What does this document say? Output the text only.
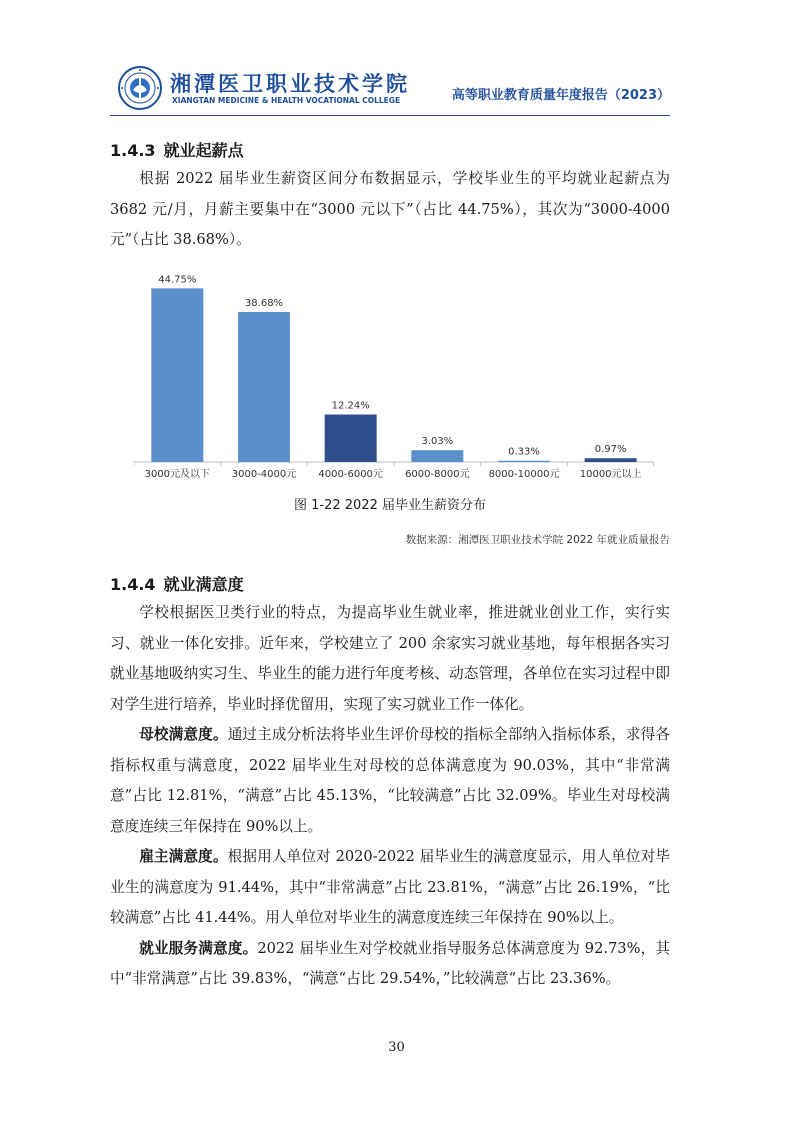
湘潭医卫职业技术学院
XIANGTAN MEDICINE & HEALTH VOCATIONAL COLLEGE	高等职业教育质量年度报告（2023）
1.4.3 就业起薪点

根据 2022 届毕业生薪资区间分布数据显示，学校毕业生的平均就业起薪点为 3682 元/月，月薪主要集中在“3000 元以下”（占比 44.75%），其次为“3000-4000 元”（占比 38.68%）。

44.75%
3000元及以下
38.68%
3000-4000元
12.24%
4000-6000元
3.03%
6000-8000元
0.33%
8000-10000元
0.97%
10000元以上
图 1-22 2022 届毕业生薪资分布
数据来源：湘潭医卫职业技术学院 2022 年就业质量报告
1.4.4 就业满意度

学校根据医卫类行业的特点，为提高毕业生就业率，推进就业创业工作，实行实习、就业一体化安排。近年来，学校建立了 200 余家实习就业基地，每年根据各实习就业基地吸纳实习生、毕业生的能力进行年度考核、动态管理，各单位在实习过程中即对学生进行培养，毕业时择优留用，实现了实习就业工作一体化。

母校满意度。通过主成分析法将毕业生评价母校的指标全部纳入指标体系，求得各指标权重与满意度，2022 届毕业生对母校的总体满意度为 90.03%，其中“非常满意”占比 12.81%，“满意”占比 45.13%，“比较满意”占比 32.09%。毕业生对母校满意度连续三年保持在 90%以上。

雇主满意度。根据用人单位对 2020-2022 届毕业生的满意度显示，用人单位对毕业生的满意度为 91.44%，其中“非常满意”占比 23.81%，“满意”占比 26.19%，“比较满意”占比 41.44%。用人单位对毕业生的满意度连续三年保持在 90%以上。

就业服务满意度。2022 届毕业生对学校就业指导服务总体满意度为 92.73%，其中“非常满意”占比 39.83%，“满意“占比 29.54%，”比较满意“占比 23.36%。

30
